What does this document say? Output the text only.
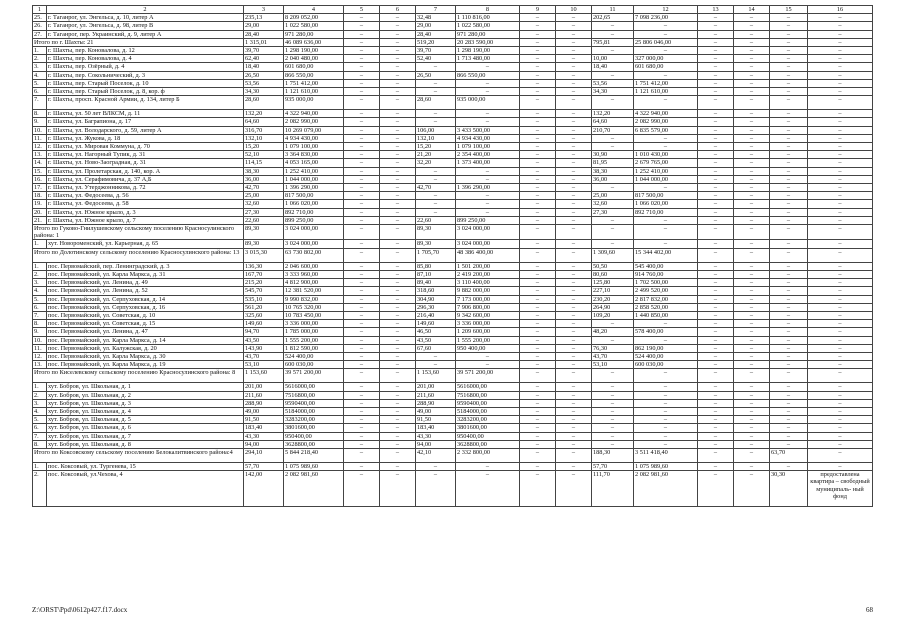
1	2	3	4	5	6	7	8	9	10	11	12	13	14	15	16
25.	г. Таганрог, ул. Энгельса, д. 10, литер А	235,13	8 209 052,00	–	–	32,48	1 110 816,00	–	–	202,65	7 098 236,00	–	–	–	–
26.	г. Таганрог, ул. Энгельса, д. 98, литер В	29,00	1 022 580,00	–	–	29,00	1 022 580,00	–	–	–	–	–	–	–	–
27.	г. Таганрог, пер. Украинский, д. 9, литер А	28,40	971 280,00	–	–	28,40	971 280,00	–	–	–	–	–	–	–	–
Итого по г. Шахты: 21		1 315,01	46 089 636,00	–	–	519,20	20 283 590,00	–	–	795,81	25 806 046,00	–	–	–	–
1.	г. Шахты, пер. Коновалова, д. 12	39,70	1 298 190,00	–	–	39,70	1 298 190,00	–	–	–	–	–	–	–	–
2.	г. Шахты, пер. Коновалова, д. 4	62,40	2 040 480,00	–	–	52,40	1 713 480,00	–	–	10,00	327 000,00	–	–	–	–
3.	г. Шахты, пер. Озёрный, д. 4	18,40	601 680,00	–	–	–	–	–	–	18,40	601 680,00	–	–	–	–
4.	г. Шахты, пер. Сокольнический, д. 3	26,50	866 550,00	–	–	26,50	866 550,00	–	–	–	–	–	–	–	–
5.	г. Шахты, пер. Старый Поселок, д. 10	53,56	1 751 412,00	–	–	–	–	–	–	53,56	1 751 412,00	–	–	–	–
6.	г. Шахты, пер. Старый Поселок, д. 8, кор. ф	34,30	1 121 610,00	–	–	–	–	–	–	34,30	1 121 610,00	–	–	–	–
7.	г. Шахты, просп. Красной Армии, д. 134, литер Б	28,60	935 000,00	–	–	28,60	935 000,00	–	–	–	–	–	–	–	–
8.	г. Шахты, ул. 50 лет ВЛКСМ, д. 11	132,20	4 322 940,00	–	–	–	–	–	–	132,20	4 322 940,00	–	–	–	–
9.	г. Шахты, ул. Баграпиона, д. 17	64,60	2 082 990,00	–	–	–	–	–	–	64,60	2 082 990,00	–	–	–	–
10.	г. Шахты, ул. Володарского, д. 59, литер А	316,70	10 269 079,00	–	–	106,00	3 433 500,00	–	–	210,70	6 835 579,00	–	–	–	–
11.	г. Шахты, ул. Жукова, д. 18	132,10	4 934 430,00	–	–	132,10	4 934 430,00	–	–	–	–	–	–	–	–
12.	г. Шахты, ул. Мировая Коммуна, д. 70	15,20	1 079 100,00	–	–	15,20	1 079 100,00	–	–	–	–	–	–	–	–
13.	г. Шахты, ул. Нагорный Тупик, д. 31	52,10	3 364 830,00	–	–	21,20	2 354 400,00	–	–	30,90	1 010 430,00	–	–	–	–
14.	г. Шахты, ул. Ново-Заоградная, д. 31	114,15	4 053 165,00	–	–	32,20	1 373 400,00	–	–	81,95	2 679 765,00	–	–	–	–
15.	г. Шахты, ул. Пролетарская, д. 140, кор. А	38,30	1 252 410,00	–	–	–	–	–	–	38,30	1 252 410,00	–	–	–	–
16.	г. Шахты, ул. Серафимовича, д. 37 А,Б	36,00	1 044 000,00	–	–	–	–	–	–	36,00	1 044 000,00	–	–	–	–
17.	г. Шахты, ул. Утерджонникова, д. 72	42,70	1 396 290,00	–	–	42,70	1 396 290,00	–	–	–	–	–	–	–	–
18.	г. Шахты, ул. Федосеева, д. 56	25,00	817 500,00	–	–	–	–	–	–	25,00	817 500,00	–	–	–	–
19.	г. Шахты, ул. Федосеева, д. 58	32,60	1 066 020,00	–	–	–	–	–	–	32,60	1 066 020,00	–	–	–	–
20.	г. Шахты, ул. Южное крыло, д. 3	27,30	892 710,00	–	–	–	–	–	–	27,30	892 710,00	–	–	–	–
21.	г. Шахты, ул. Южное крыло, д. 7	22,60	899 250,00	–	–	22,60	899 250,00	–	–	–	–	–	–	–	–
Итого по Гуково-Гнилушевскому сельскому поселению Красносулинского района: 1		89,30	3 024 000,00	–	–	89,30	3 024 000,00	–	–	–	–	–	–	–	–
1.	хут. Новороменский, ул. Карьерная, д. 65	89,30	3 024 000,00	–	–	89,30	3 024 000,00	–	–	–	–	–	–	–	–
Итого по Долотинскому сельскому поселению Красносулинского района: 13		3 015,30	63 730 802,00	–	–	1 705,70	48 386 400,00	–	–	1 309,60	15 344 402,00	–	–	–	–
1.	пос. Первомайский, пер. Ленинградский, д. 3	136,30	2 046 600,00	–	–	85,80	1 501 200,00	–	–	50,50	545 400,00	–	–	–	–
2.	пос. Первомайский, ул. Карла Маркса, д. 31	167,70	3 333 960,00	–	–	87,10	2 419 200,00	–	–	80,60	914 760,00	–	–	–	–
3.	пос. Первомайский, ул. Ленина, д. 49	215,20	4 812 900,00	–	–	89,40	3 110 400,00	–	–	125,80	1 702 500,00	–	–	–	–
4.	пос. Первомайский, ул. Ленина, д. 52	545,70	12 381 520,00	–	–	318,60	9 882 000,00	–	–	227,10	2 499 520,00	–	–	–	–
5.	пос. Первомайский, ул. Серпуховская, д. 14	535,10	9 990 832,00	–	–	304,90	7 173 000,00	–	–	230,20	2 817 832,00	–	–	–	–
6.	пос. Первомайский, ул. Серпуховская, д. 16	561,20	10 765 320,00	–	–	296,30	7 906 800,00	–	–	264,90	2 858 520,00	–	–	–	–
7.	пос. Первомайский, ул. Советская, д. 10	325,60	10 783 450,00	–	–	216,40	9 342 600,00	–	–	109,20	1 440 850,00	–	–	–	–
8.	пос. Первомайский, ул. Советская, д. 15	149,60	3 336 000,00	–	–	149,60	3 336 000,00	–	–	–	–	–	–	–	–
9.	пос. Первомайский, ул. Ленина, д. 47	94,70	1 785 000,00	–	–	46,50	1 209 600,00	–	–	48,20	578 400,00	–	–	–	–
10.	пос. Первомайский, ул. Карла Маркса, д. 14	43,50	1 555 200,00	–	–	43,50	1 555 200,00	–	–	–	–	–	–	–	–
11.	пос. Первомайский, ул. Калужская, д. 20	143,90	1 812 590,00	–	–	67,60	950 400,00	–	–	76,30	862 190,00	–	–	–	–
12.	пос. Первомайский, ул. Карла Маркса, д. 30	43,70	524 400,00	–	–	–	–	–	–	43,70	524 400,00	–	–	–	–
13.	пос. Первомайский, ул. Карла Маркса, д. 19	53,10	600 030,00	–	–	–	–	–	–	53,10	600 030,00	–	–	–	–
Итого по Киселевскому сельскому поселению Красносулинского района: 8		1 153,60	39 571 200,00	–	–	1 153,60	39 571 200,00	–	–	–	–	–	–	–	–
1.	хут. Бобров, ул. Школьная, д. 1	201,00	5616000,00	–	–	201,00	5616000,00	–	–	–	–	–	–	–	–
2.	хут. Бобров, ул. Школьная, д. 2	211,60	7516800,00	–	–	211,60	7516800,00	–	–	–	–	–	–	–	–
3.	хут. Бобров, ул. Школьная, д. 3	288,90	9590400,00	–	–	288,90	9590400,00	–	–	–	–	–	–	–	–
4.	хут. Бобров, ул. Школьная, д. 4	49,00	5184000,00	–	–	49,00	5184000,00	–	–	–	–	–	–	–	–
5.	хут. Бобров, ул. Школьная, д. 5	91,50	3283200,00	–	–	91,50	3283200,00	–	–	–	–	–	–	–	–
6.	хут. Бобров, ул. Школьная, д. 6	183,40	3801600,00	–	–	183,40	3801600,00	–	–	–	–	–	–	–	–
7.	хут. Бобров, ул. Школьная, д. 7	43,30	950400,00	–	–	43,30	950400,00	–	–	–	–	–	–	–	–
8.	хут. Бобров, ул. Школьная, д. 8	94,00	3628800,00	–	–	94,00	3628800,00	–	–	–	–	–	–	–	–
Итого по Коксовскому сельскому поселению Белокалитвинского района:4		294,10	5 844 218,40	–	–	42,10	2 332 800,00	–	–	188,30	3 511 418,40	–	–	63,70	–
1.	пос. Коксовый, ул. Тургенева, 15	57,70	1 075 989,60	–	–	–	–	–	–	57,70	1 075 989,60	–	–	–	–
2.	пос. Коксовый, ул.Чехова, 4	142,00	2 082 981,60	–	–	–	–	–	–	111,70	2 082 981,60	–	–	30,30	предоставлена квартира – свободный муниципаль- ный фонд
Z:\ORST\Ppd\0612p427.f17.docx	68
